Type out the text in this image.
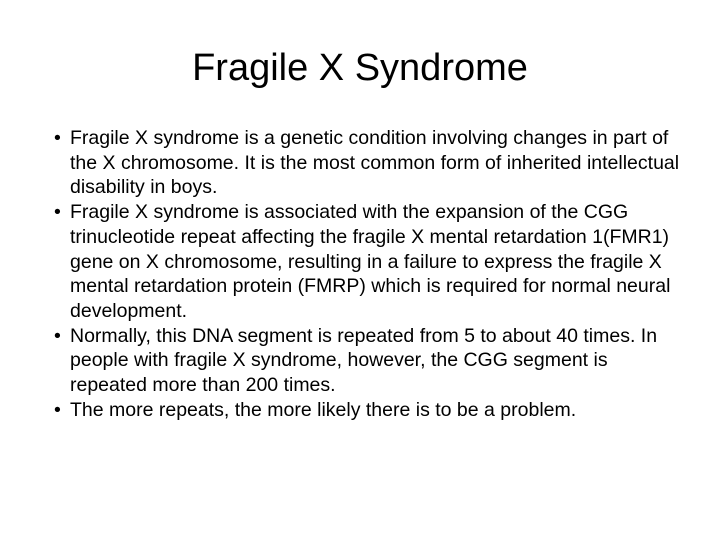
Fragile X Syndrome
• Fragile X syndrome is a genetic condition involving changes in part of the X chromosome. It is the most common form of inherited intellectual disability in boys.
• Fragile X syndrome is associated with the expansion of the CGG trinucleotide repeat affecting the fragile X mental retardation 1(FMR1) gene on X chromosome, resulting in a failure to express the fragile X mental retardation protein (FMRP) which is required for normal neural development.
• Normally, this DNA segment is repeated from 5 to about 40 times. In people with fragile X syndrome, however, the CGG segment is repeated more than 200 times.
• The more repeats, the more likely there is to be a problem.
